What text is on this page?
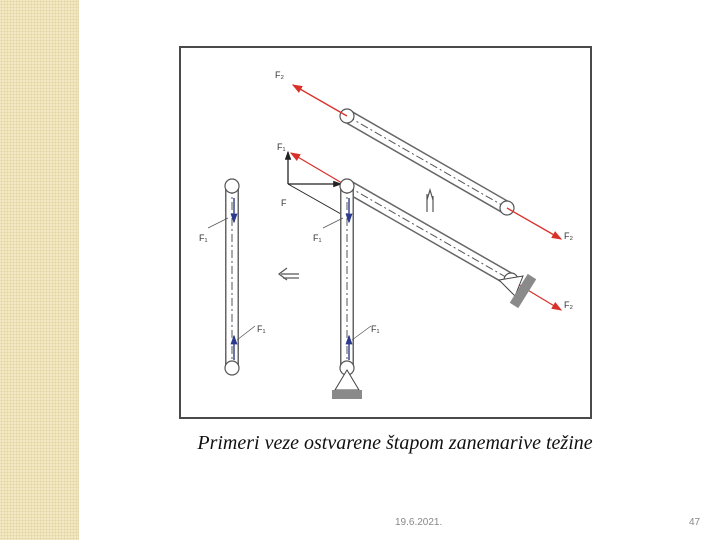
F₂
F₁
F
F₁	F₁	F₂
F₂
F₁	F₁
Primeri veze ostvarene štapom zanemarive težine
19.6.2021.	47
